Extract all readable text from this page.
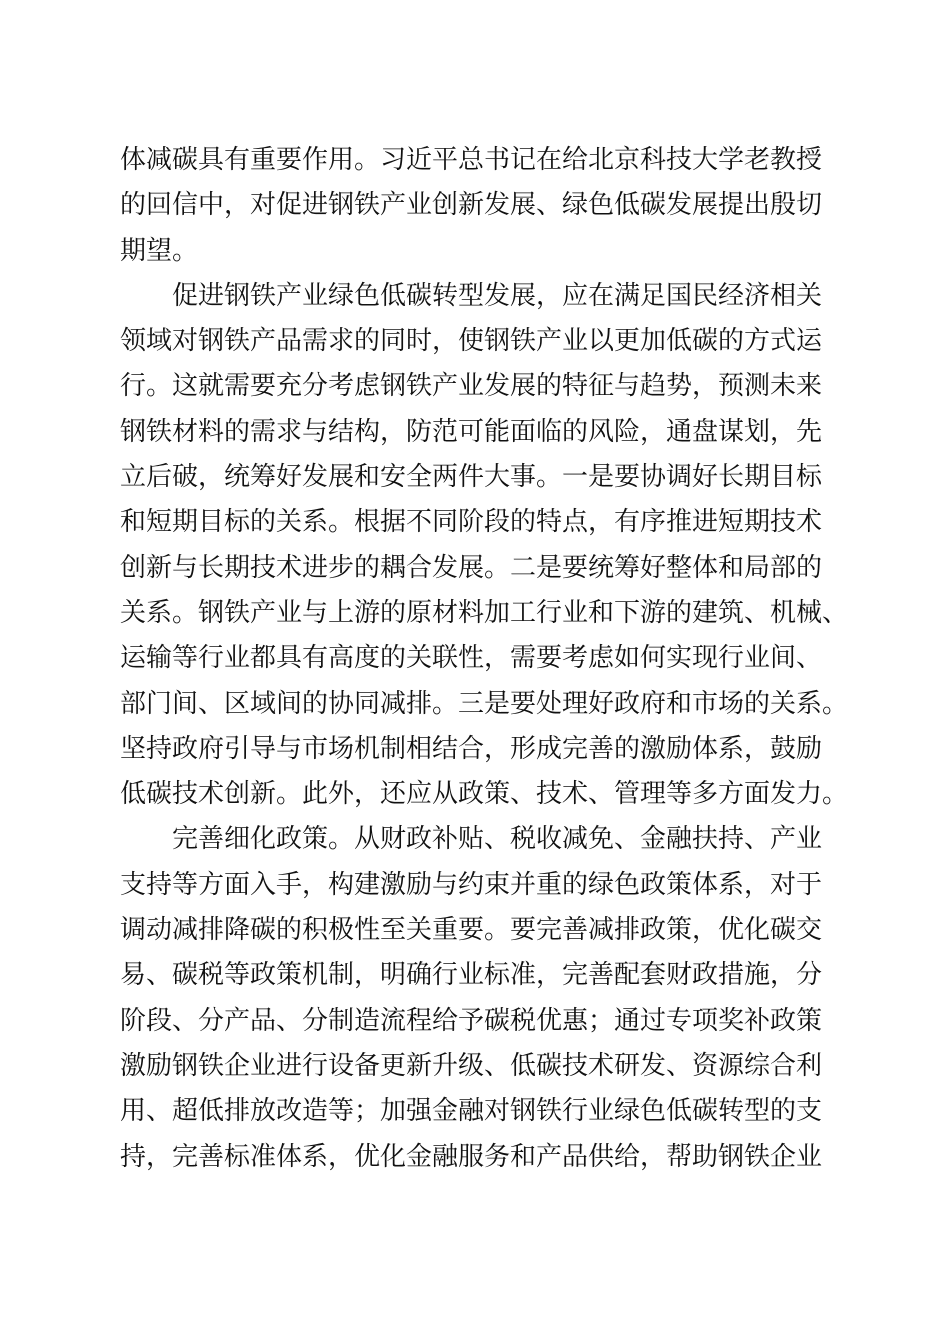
体减碳具有重要作用。习近平总书记在给北京科技大学老教授
的回信中，对促进钢铁产业创新发展、绿色低碳发展提出殷切
期望。
　　促进钢铁产业绿色低碳转型发展，应在满足国民经济相关
领域对钢铁产品需求的同时，使钢铁产业以更加低碳的方式运
行。这就需要充分考虑钢铁产业发展的特征与趋势，预测未来
钢铁材料的需求与结构，防范可能面临的风险，通盘谋划，先
立后破，统筹好发展和安全两件大事。一是要协调好长期目标
和短期目标的关系。根据不同阶段的特点，有序推进短期技术
创新与长期技术进步的耦合发展。二是要统筹好整体和局部的
关系。钢铁产业与上游的原材料加工行业和下游的建筑、机械、
运输等行业都具有高度的关联性，需要考虑如何实现行业间、
部门间、区域间的协同减排。三是要处理好政府和市场的关系。
坚持政府引导与市场机制相结合，形成完善的激励体系，鼓励
低碳技术创新。此外，还应从政策、技术、管理等多方面发力。
　　完善细化政策。从财政补贴、税收减免、金融扶持、产业
支持等方面入手，构建激励与约束并重的绿色政策体系，对于
调动减排降碳的积极性至关重要。要完善减排政策，优化碳交
易、碳税等政策机制，明确行业标准，完善配套财政措施，分
阶段、分产品、分制造流程给予碳税优惠；通过专项奖补政策
激励钢铁企业进行设备更新升级、低碳技术研发、资源综合利
用、超低排放改造等；加强金融对钢铁行业绿色低碳转型的支
持，完善标准体系，优化金融服务和产品供给，帮助钢铁企业
